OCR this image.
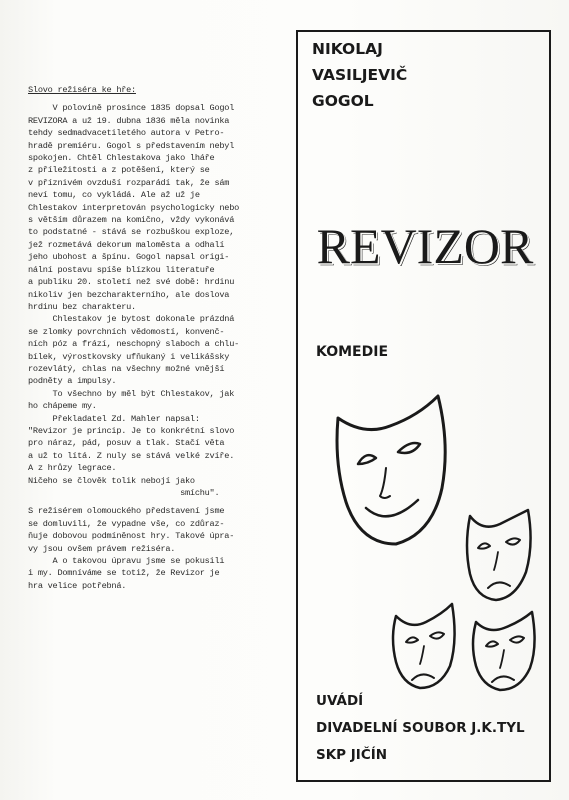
Slovo režiséra ke hře:
V polovině prosince 1835 dopsal Gogol
REVIZORA a už 19. dubna 1836 měla novinka
tehdy sedmadvacetiletého autora v Petro-
hradě premiéru. Gogol s představením nebyl
spokojen. Chtěl Chlestakova jako lháře
z příležitosti a z potěšení, který se
v příznivém ovzduší rozparádí tak, že sám
neví tomu, co vykládá. Ale až už je
Chlestakov interpretován psychologicky nebo
s větším důrazem na komično, vždy vykonává
to podstatné - stává se rozbuškou exploze,
jež rozmetává dekorum maloměsta a odhalí
jeho ubohost a špínu. Gogol napsal origi-
nální postavu spíše blízkou literatuře
a publiku 20. století než své době: hrdinu
nikoliv jen bezcharakterního, ale doslova
hrdinu bez charakteru.
Chlestakov je bytost dokonale prázdná
se zlomky povrchních vědomostí, konvenč-
ních póz a frází, neschopný slaboch a chlu-
bílek, výrostkovsky ufňukaný i velikášsky
rozevlátý, chlas na všechny možné vnější
podněty a impulsy.
To všechno by měl být Chlestakov, jak
ho chápeme my.
Překladatel Zd. Mahler napsal:
"Revizor je princip. Je to konkrétní slovo
pro náraz, pád, posuv a tlak. Stačí věta
a už to lítá. Z nuly se stává velké zvíře.
A z hrůzy legrace.
Ničeho se člověk tolik nebojí jako
smíchu".
S režisérem olomouckého představení jsme
se domluvili, že vypadne vše, co zdůraz-
ňuje dobovou podmíněnost hry. Takové úpra-
vy jsou ovšem právem režiséra.
A o takovou úpravu jsme se pokusili
i my. Domníváme se totiž, že Revizor je
hra velice potřebná.
NIKOLAJ
VASILJEVIČ
GOGOL
REVIZOR
KOMEDIE
UVÁDÍ
DIVADELNÍ SOUBOR J.K.TYL
SKP JIČÍN
